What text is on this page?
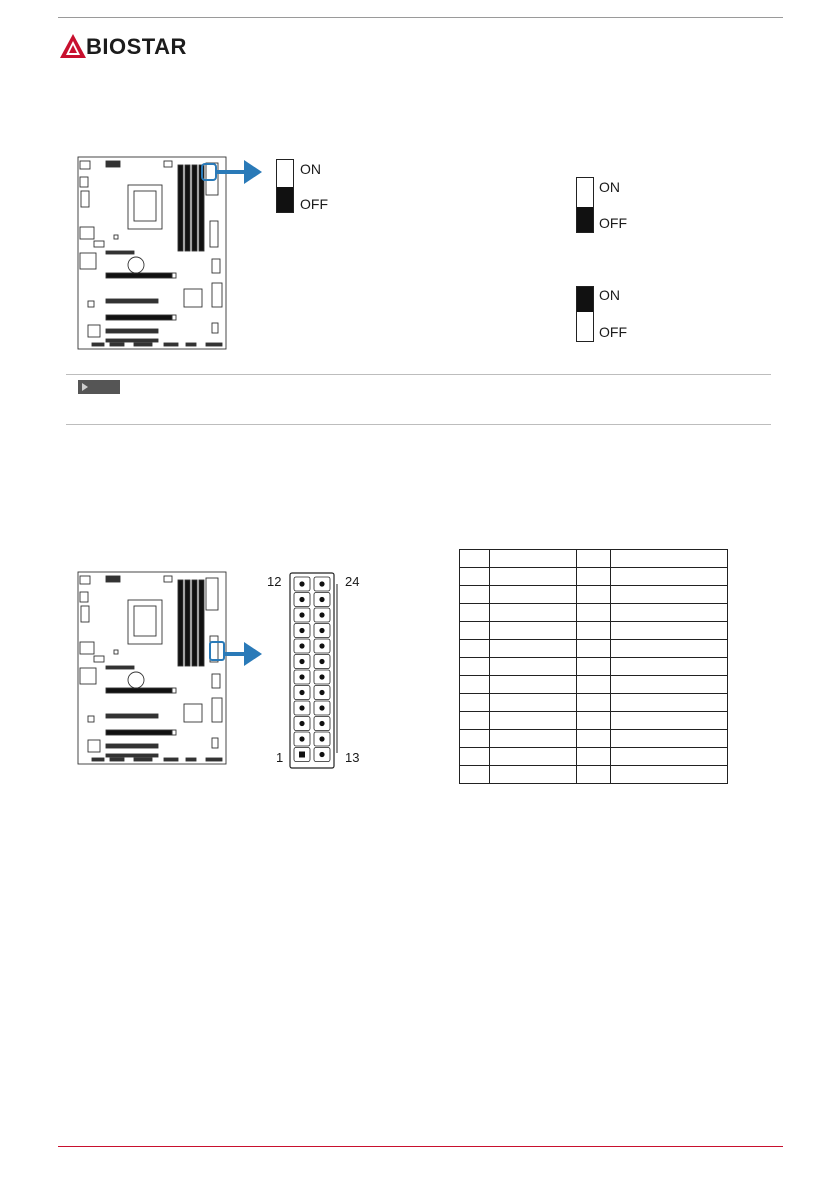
BIOSTAR
ON
OFF
ON
OFF
ON
OFF
12	24
1	13
